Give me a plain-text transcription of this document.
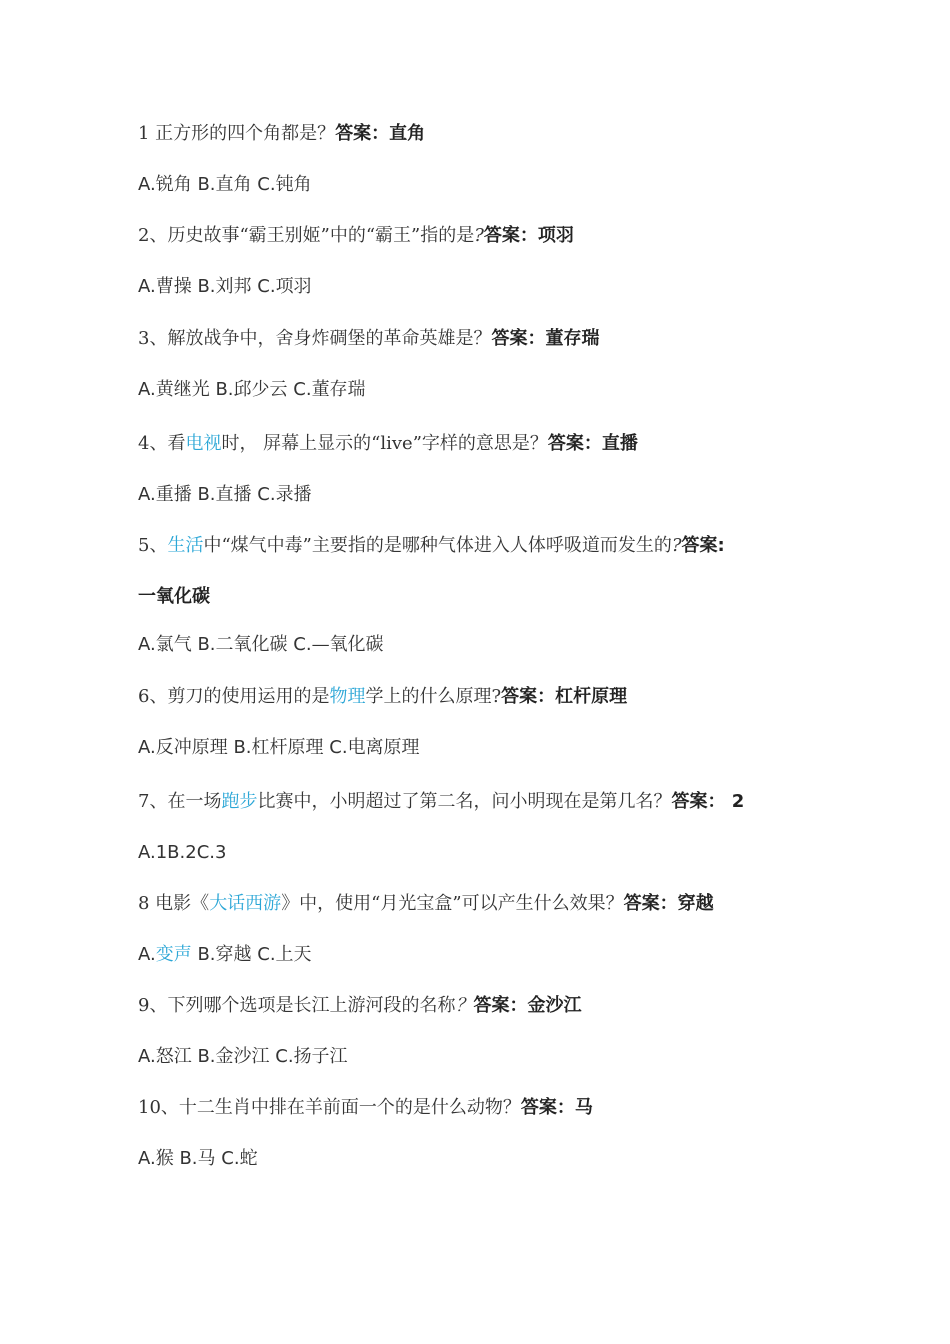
1 正方形的四个角都是？答案：直角
A.锐角 B.直角 C.钝角
2、历史故事“霸王别姬”中的“霸王”指的是?答案：项羽
A.曹操 B.刘邦 C.项羽
3、解放战争中，舍身炸碉堡的革命英雄是？答案：董存瑞
A.黄继光 B.邱少云 C.董存瑞
4、看电视时， 屏幕上显示的“live”字样的意思是？答案：直播
A.重播 B.直播 C.录播
5、生活中“煤气中毒”主要指的是哪种气体进入人体呼吸道而发生的?答案:
一氧化碳
A.氯气 B.二氧化碳 C.—氧化碳
6、剪刀的使用运用的是物理学上的什么原理?答案：杠杆原理
A.反冲原理 B.杠杆原理 C.电离原理
7、在一场跑步比赛中，小明超过了第二名，问小明现在是第几名？答案： 2
A.1B.2C.3
8 电影《大话西游》中，使用“月光宝盒”可以产生什么效果？答案：穿越
A.变声 B.穿越 C.上天
9、下列哪个选项是长江上游河段的名称？答案：金沙江
A.怒江 B.金沙江 C.扬子江
10、十二生肖中排在羊前面一个的是什么动物？答案：马
A.猴 B.马 C.蛇
